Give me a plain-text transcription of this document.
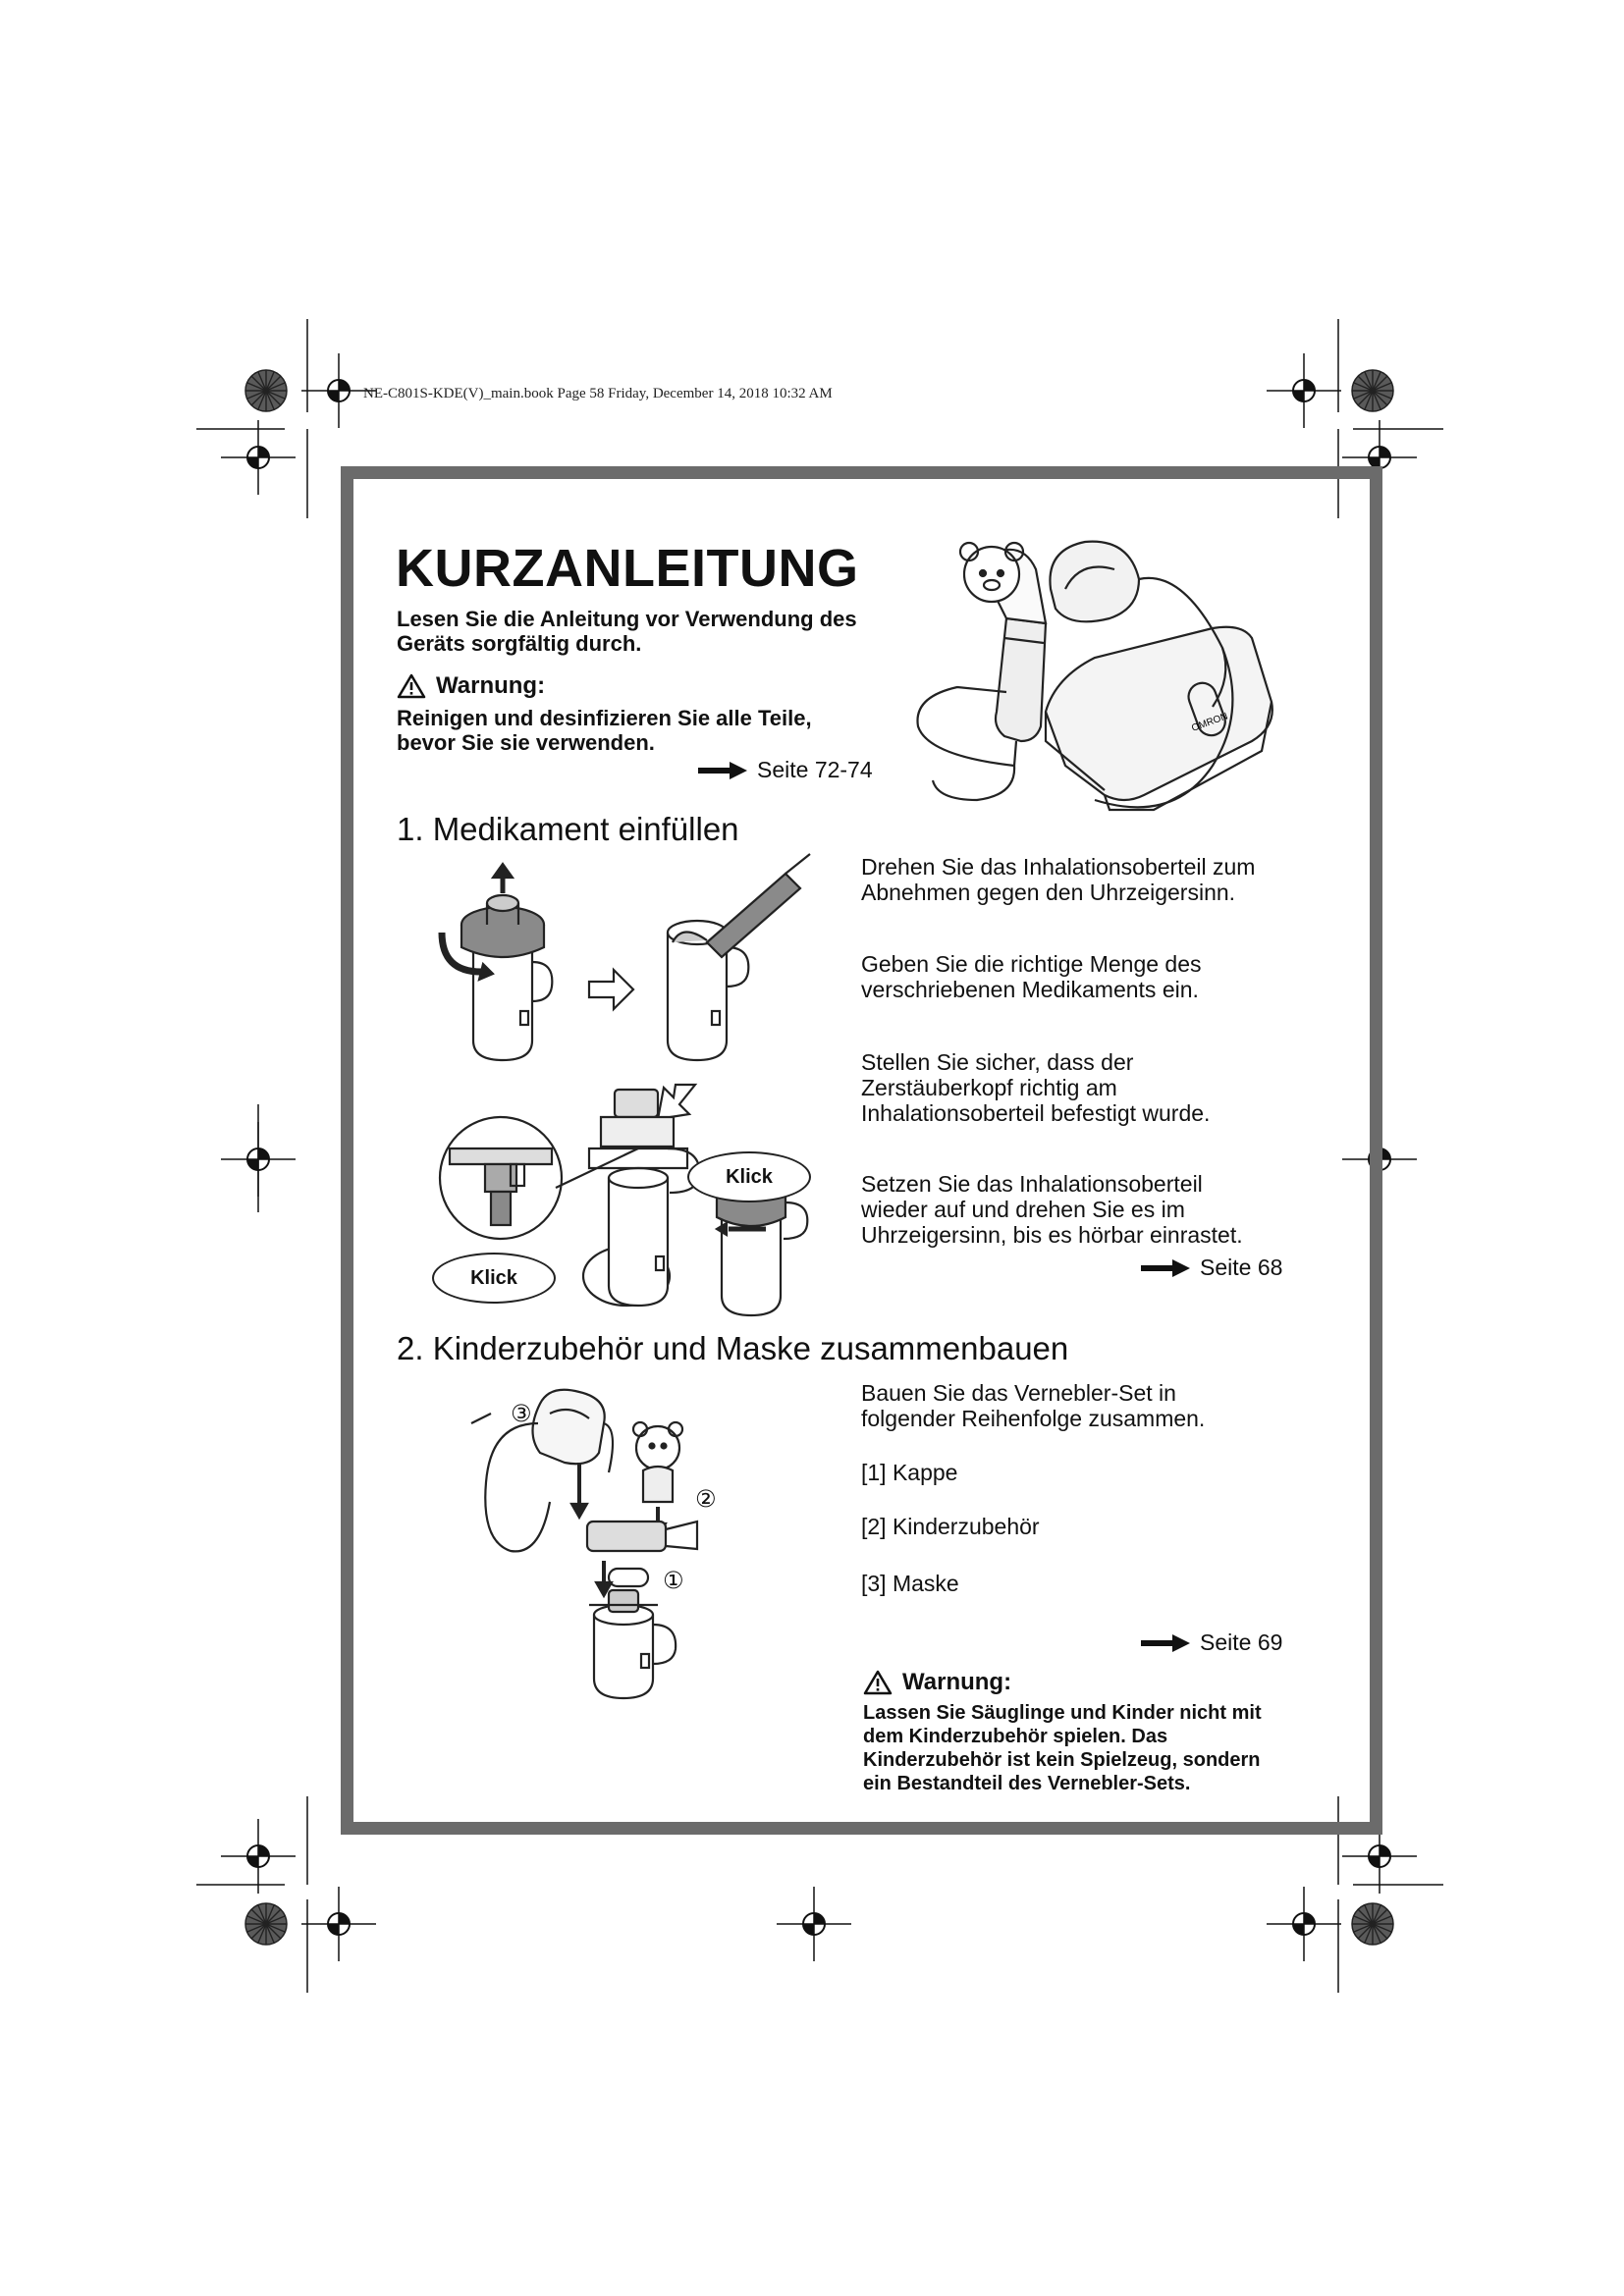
NE-C801S-KDE(V)_main.book Page 58 Friday, December 14, 2018 10:32 AM
KURZANLEITUNG
Lesen Sie die Anleitung vor Verwendung des
Geräts sorgfältig durch.
Warnung:
Reinigen und desinfizieren Sie alle Teile,
bevor Sie sie verwenden.
Seite 72-74
OMRON
1. Medikament einfüllen
Drehen Sie das Inhalationsoberteil zum
Abnehmen gegen den Uhrzeigersinn.
Geben Sie die richtige Menge des
verschriebenen Medikaments ein.
Stellen Sie sicher, dass der
Zerstäuberkopf richtig am
Inhalationsoberteil befestigt wurde.
Setzen Sie das Inhalationsoberteil
wieder auf und drehen Sie es im
Uhrzeigersinn, bis es hörbar einrastet.
Seite 68
Klick
Klick
2. Kinderzubehör und Maske zusammenbauen
Bauen Sie das Vernebler-Set in
folgender Reihenfolge zusammen.
[1] Kappe
[2] Kinderzubehör
[3] Maske
Seite 69
Warnung:
Lassen Sie Säuglinge und Kinder nicht mit
dem Kinderzubehör spielen. Das
Kinderzubehör ist kein Spielzeug, sondern
ein Bestandteil des Vernebler-Sets.
③
②
①
